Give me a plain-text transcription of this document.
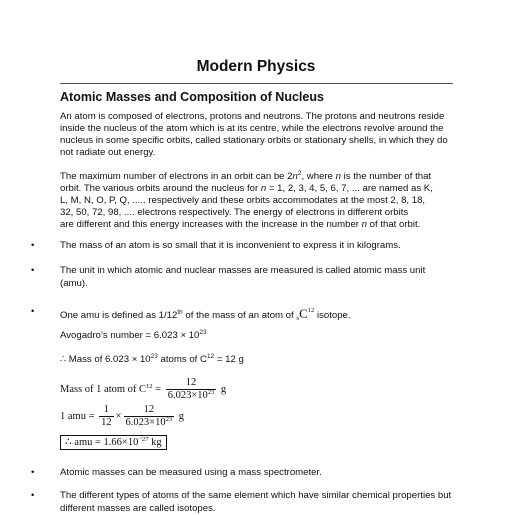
Modern Physics
Atomic Masses and Composition of Nucleus
An atom is composed of electrons, protons and neutrons. The protons and neutrons reside inside the nucleus of the atom which is at its centre, while the electrons revolve around the nucleus in some specific orbits, called stationary orbits or stationary shells, in which they do not radiate out energy.
The maximum number of electrons in an orbit can be $2n^2$, where n is the number of that
orbit. The various orbits around the nucleus for n = 1, 2, 3, 4, 5, 6, 7, ... are named as K,
L, M, N, O, P, Q, ..... respectively and these orbits accommodates at the most 2, 8, 18,
32, 50, 72, 98, .... electrons respectively. The energy of electrons in different orbits
are different and this energy increases with the increase in the number n of that orbit.
•	The mass of an atom is so small that it is inconvenient to express it in kilograms.
•	The unit in which atomic and nuclear masses are measured is called atomic mass unit (amu).
•	One amu is defined as 1/12th of the mass of an atom of $_6C^{12}$ isotope.
Avogadro’s number = $6.023 \times 10^{23}$
∴ Mass of $6.023 \times 10^{23}$ atoms of $C^{12} = 12$ g
Mass of 1 atom of $C^{12} = \frac{12}{6.023\times 10^{23}}$ g
1 amu = $\frac{1}{12} \times \frac{12}{6.023\times 10^{23}}$ g
∴ amu = $1.66\times 10^{-27}$ kg
•	Atomic masses can be measured using a mass spectrometer.
•	The different types of atoms of the same element which have similar chemical properties but different masses are called isotopes.
